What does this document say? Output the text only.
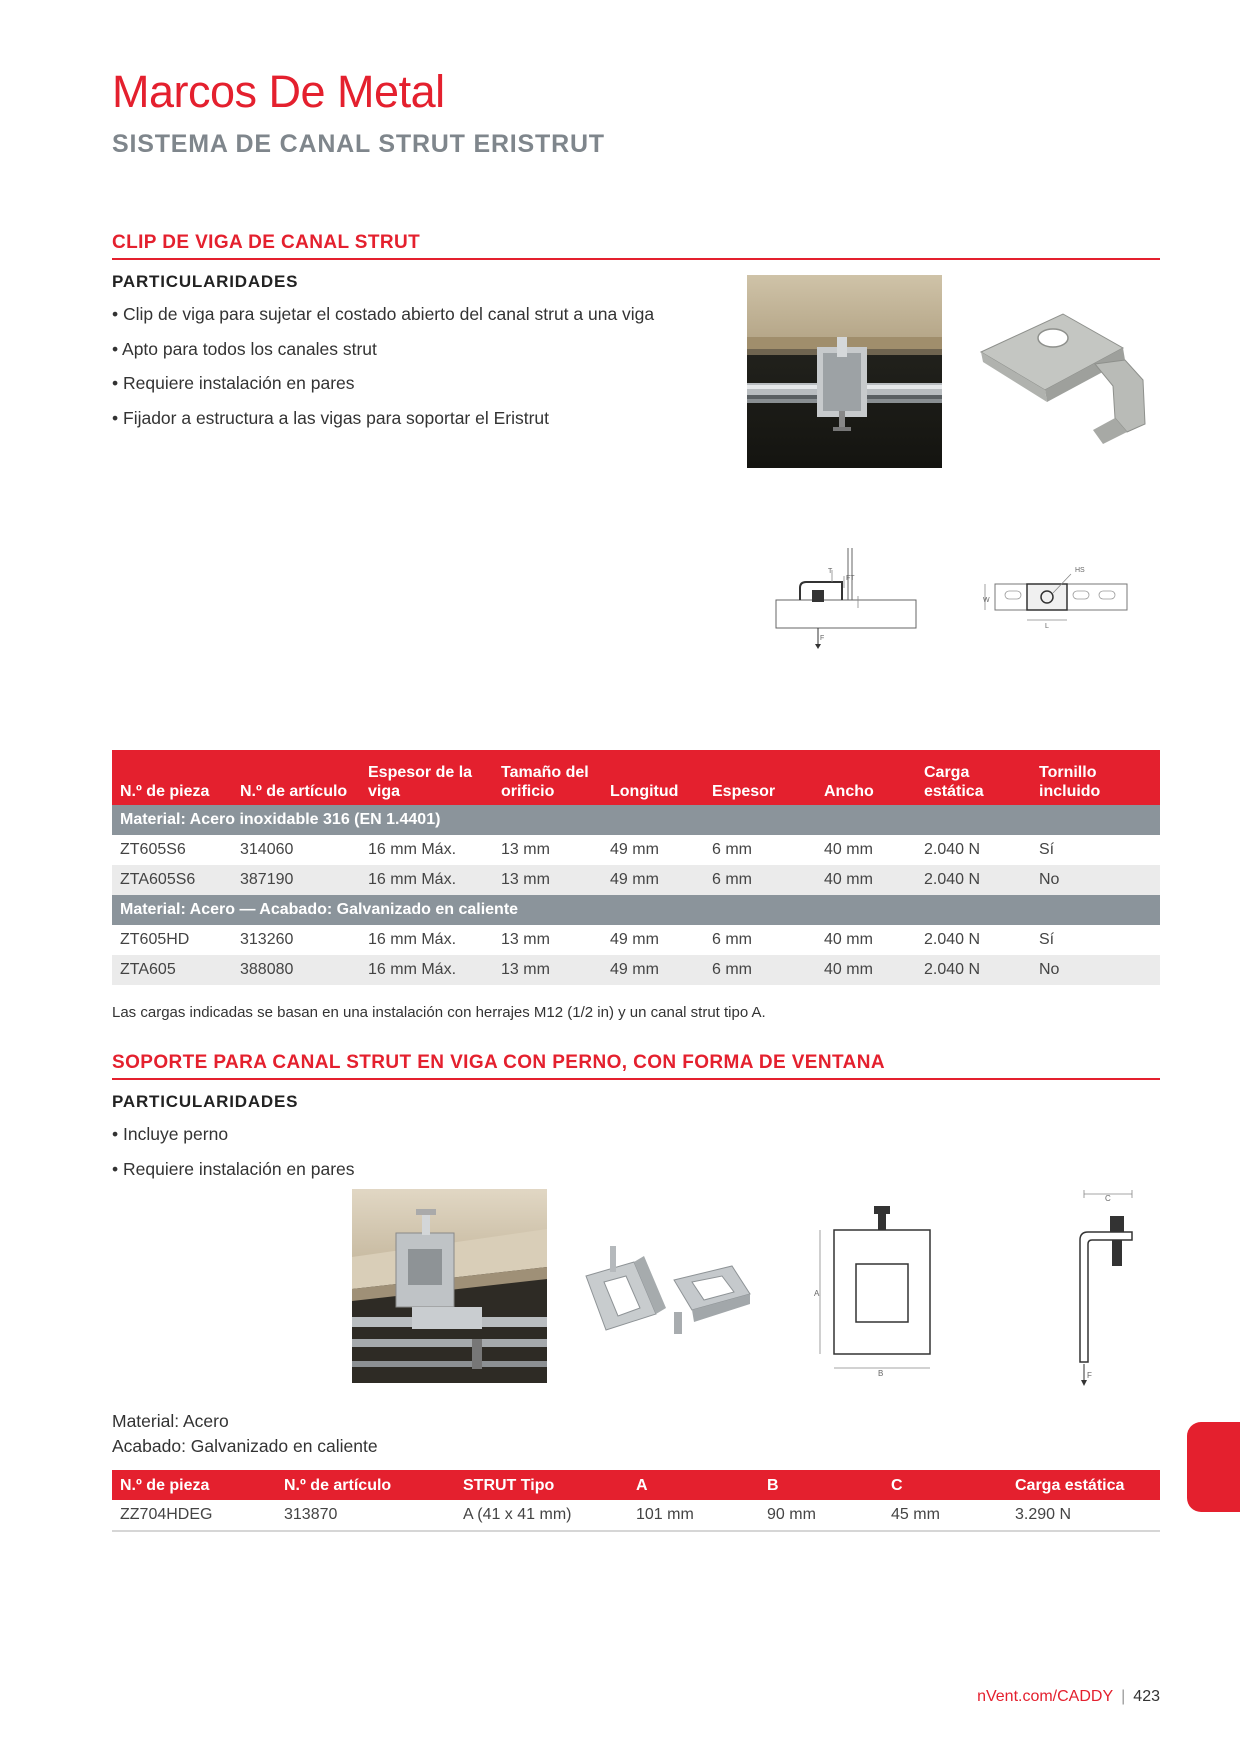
Marcos De Metal
SISTEMA DE CANAL STRUT ERISTRUT
CLIP DE VIGA DE CANAL STRUT
PARTICULARIDADES
• Clip de viga para sujetar el costado abierto del canal strut a una viga
• Apto para todos los canales strut
• Requiere instalación en pares
• Fijador a estructura a las vigas para soportar el Eristrut
T
FT
F
HS
W
L
N.º de pieza	N.º de artículo	Espesor de la viga	Tamaño del orificio	Longitud	Espesor	Ancho	Carga estática	Tornillo incluido
Material: Acero inoxidable 316 (EN 1.4401)								
ZT605S6	314060	16 mm Máx.	13 mm	49 mm	6 mm	40 mm	2.040 N	Sí
ZTA605S6	387190	16 mm Máx.	13 mm	49 mm	6 mm	40 mm	2.040 N	No
Material: Acero — Acabado: Galvanizado en caliente								
ZT605HD	313260	16 mm Máx.	13 mm	49 mm	6 mm	40 mm	2.040 N	Sí
ZTA605	388080	16 mm Máx.	13 mm	49 mm	6 mm	40 mm	2.040 N	No
Las cargas indicadas se basan en una instalación con herrajes M12 (1/2 in) y un canal strut tipo A.
SOPORTE PARA CANAL STRUT EN VIGA CON PERNO, CON FORMA DE VENTANA
PARTICULARIDADES
• Incluye perno
• Requiere instalación en pares
A
B
C
F
Material: Acero
Acabado: Galvanizado en caliente
N.º de pieza	N.º de artículo	STRUT Tipo	A	B	C	Carga estática
ZZ704HDEG	313870	A (41 x 41 mm)	101 mm	90 mm	45 mm	3.290 N
nVent.com/CADDY | 423
